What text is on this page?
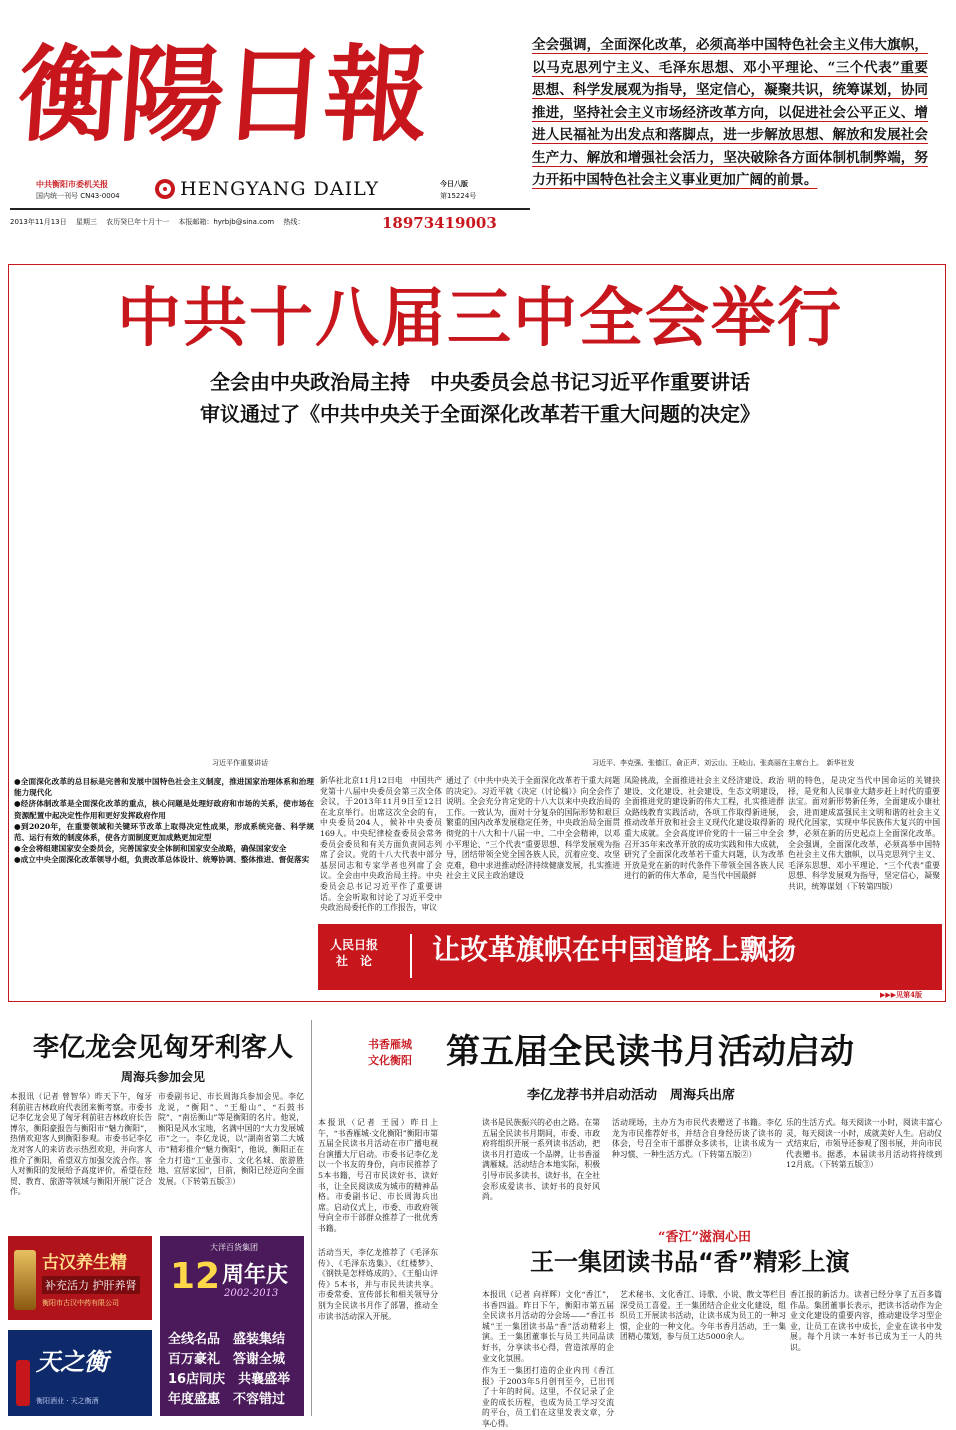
衡陽日報
中共衡阳市委机关报
国内统一刊号 CN43-0004	HENGYANG DAILY	今日八版
第15224号
2013年11月13日　 星期三　 农历癸巳年十月十一　 本报邮箱：hyrbjb@sina.com　 热线：	18973419003
全会强调，全面深化改革，必须高举中国特色社会主义伟大旗帜，以马克思列宁主义、毛泽东思想、邓小平理论、“三个代表”重要思想、科学发展观为指导，坚定信心，凝聚共识，统筹谋划，协同推进，坚持社会主义市场经济改革方向，以促进社会公平正义、增进人民福祉为出发点和落脚点，进一步解放思想、解放和发展社会生产力、解放和增强社会活力，坚决破除各方面体制机制弊端，努力开拓中国特色社会主义事业更加广阔的前景。
中共十八届三中全会举行
全会由中央政治局主持　中央委员会总书记习近平作重要讲话
审议通过了《中共中央关于全面深化改革若干重大问题的决定》
习近平作重要讲话	习近平、李克强、张德江、俞正声、刘云山、王岐山、张高丽在主席台上。　新华社发
●全面深化改革的总目标是完善和发展中国特色社会主义制度，推进国家治理体系和治理能力现代化
●经济体制改革是全面深化改革的重点，核心问题是处理好政府和市场的关系，使市场在资源配置中起决定性作用和更好发挥政府作用
●到2020年，在重要领域和关键环节改革上取得决定性成果，形成系统完备、科学规范、运行有效的制度体系，使各方面制度更加成熟更加定型
●全会将组建国家安全委员会，完善国家安全体制和国家安全战略，确保国家安全
●成立中央全面深化改革领导小组，负责改革总体设计、统筹协调、整体推进、督促落实
新华社北京11月12日电　中国共产党第十八届中央委员会第三次全体会议，于2013年11月9日至12日在北京举行。出席这次全会的有，中央委员204人，候补中央委员169人。中央纪律检查委员会常务委员会委员和有关方面负责同志列席了会议。党的十八大代表中部分基层同志和专家学者也列席了会议。全会由中央政治局主持。中央委员会总书记习近平作了重要讲话。全会听取和讨论了习近平受中央政治局委托作的工作报告，审议
通过了《中共中央关于全面深化改革若干重大问题的决定》。习近平就《决定（讨论稿）》向全会作了说明。全会充分肯定党的十八大以来中央政治局的工作。一致认为，面对十分复杂的国际形势和艰巨繁重的国内改革发展稳定任务，中央政治局全面贯彻党的十八大和十八届一中、二中全会精神，以邓小平理论、“三个代表”重要思想、科学发展观为指导，团结带领全党全国各族人民，沉着应变、攻坚克难，稳中求进推动经济持续健康发展，扎实推进社会主义民主政治建设
凤险挑战，全面推进社会主义经济建设、政治建设、文化建设、社会建设、生态文明建设，全面推进党的建设新的伟大工程，扎实推进群众路线教育实践活动，各项工作取得新进展，推动改革开放和社会主义现代化建设取得新的重大成就。全会高度评价党的十一届三中全会召开35年来改革开放的成功实践和伟大成就，研究了全面深化改革若干重大问题，认为改革开放是党在新的时代条件下带领全国各族人民进行的新的伟大革命，是当代中国最鲜
明的特色，是决定当代中国命运的关键抉择，是党和人民事业大踏步赶上时代的重要法宝。面对新形势新任务，全面建成小康社会，进而建成富强民主文明和谐的社会主义现代化国家，实现中华民族伟大复兴的中国梦，必须在新的历史起点上全面深化改革。全会强调，全面深化改革，必须高举中国特色社会主义伟大旗帜，以马克思列宁主义、毛泽东思想、邓小平理论、“三个代表”重要思想、科学发展观为指导，坚定信心，凝聚共识，统筹谋划（下转第四版）
人民日报
社　论 让改革旗帜在中国道路上飘扬
▶▶▶见第4版
李亿龙会见匈牙利客人
周海兵参加会见
本报讯（记者 曾智华）昨天下午，匈牙利前驻吉林政府代表团来衡考察。市委书记李亿龙会见了匈牙利前驻吉林政府长告博尔，衡阳豪报告与衡阳市“魅力衡阳”，热情欢迎客人到衡阳参观。市委书记李亿龙对客人的来访表示热烈欢迎，并向客人推介了衡阳，希望双方加强交流合作。客人对衡阳的发展给予高度评价，希望在经贸、教育、旅游等领域与衡阳开展广泛合作。
市委副书记、市长周海兵参加会见。李亿龙说，“衡阳”、“王船山”、“石鼓书院”、“南岳衡山”等是衡阳的名片。他说，衡阳是风水宝地，名满中国的“大力发展城市”之一。李亿龙说，以“湖南省第二大城市”精彩推介“魅力衡阳”，他说，衡阳正在全力打造“工业强市、文化名城、旅游胜地、宜居家园”，目前，衡阳已经迈向全面发展。（下转第五版③）
古汉养生精
补充活力 护肝养肾
衡阳市古汉中药有限公司
天之衡
衡阳酒业 · 天之衡酒
大洋百货集团
12 周年庆
2002-2013
全线名品　盛装集结
百万豪礼　答谢全城
16店同庆　共襄盛举
年度盛惠　不容错过
书香雁城
文化衡阳 第五届全民读书月活动启动
李亿龙荐书并启动活动　周海兵出席
本报讯（记者 王园）昨日上午，“书香雁城·文化衡阳”衡阳市第五届全民读书月活动在市广播电视台演播大厅启动。市委书记李亿龙以一个书友的身份，向市民推荐了5本书籍，号召市民读好书、读好书，让全民阅读成为城市的精神品格。市委副书记、市长周海兵出席。启动仪式上，市委、市政府领导向全市干部群众推荐了一批优秀书籍。
活动当天，李亿龙推荐了《毛泽东传》、《毛泽东选集》、《红楼梦》、《钢铁是怎样炼成的》、《王船山评传》5本书，并与市民共读共享。市委常委、宣传部长和相关领导分别为全民读书月作了部署，推动全市读书活动深入开展。
读书是民族振兴的必由之路。在第五届全民读书月期间，市委、市政府将组织开展一系列读书活动，把读书月打造成一个品牌，让书香溢满雁城。活动结合本地实际，积极引导市民多读书、读好书，在全社会形成爱读书、读好书的良好风尚。
活动现场，主办方为市民代表赠送了书籍。李亿龙为市民推荐好书，并结合自身经历谈了读书的体会，号召全市干部群众多读书，让读书成为一种习惯、一种生活方式。（下转第五版②）
乐的生活方式。每天阅读一小时，阅读丰富心灵，每天阅读一小时，成就美好人生。启动仪式结束后，市领导还参观了图书展，并向市民代表赠书。据悉，本届读书月活动将持续到12月底。（下转第五版③）
“香江”滋润心田
王一集团读书品“香”精彩上演
本报讯（记者 向祥辉）文化“香江”，书香四溢。昨日下午，衡阳市第五届全民读书月活动的分会场——“香江书城”王一集团读书品“香”活动精彩上演。王一集团董事长与员工共同品读好书，分享读书心得，营造浓厚的企业文化氛围。
作为王一集团打造的企业内刊《香江报》于2003年5月创刊至今，已出刊了十年的时间。这里，不仅记录了企业的成长历程，也成为员工学习交流的平台，员工们在这里发表文章，分享心得。
艺术秘书、文化香江、诗歌、小说、散文等栏目深受员工喜爱。王一集团结合企业文化建设，组织员工开展读书活动，让读书成为员工的一种习惯，企业的一种文化。今年书香月活动，王一集团精心策划，参与员工达5000余人。
香江报的新活力。读者已经分享了五百多篇作品。集团董事长表示，把读书活动作为企业文化建设的重要内容，推动建设学习型企业，让员工在读书中成长，企业在读书中发展。每个月读一本好书已成为王一人的共识。
